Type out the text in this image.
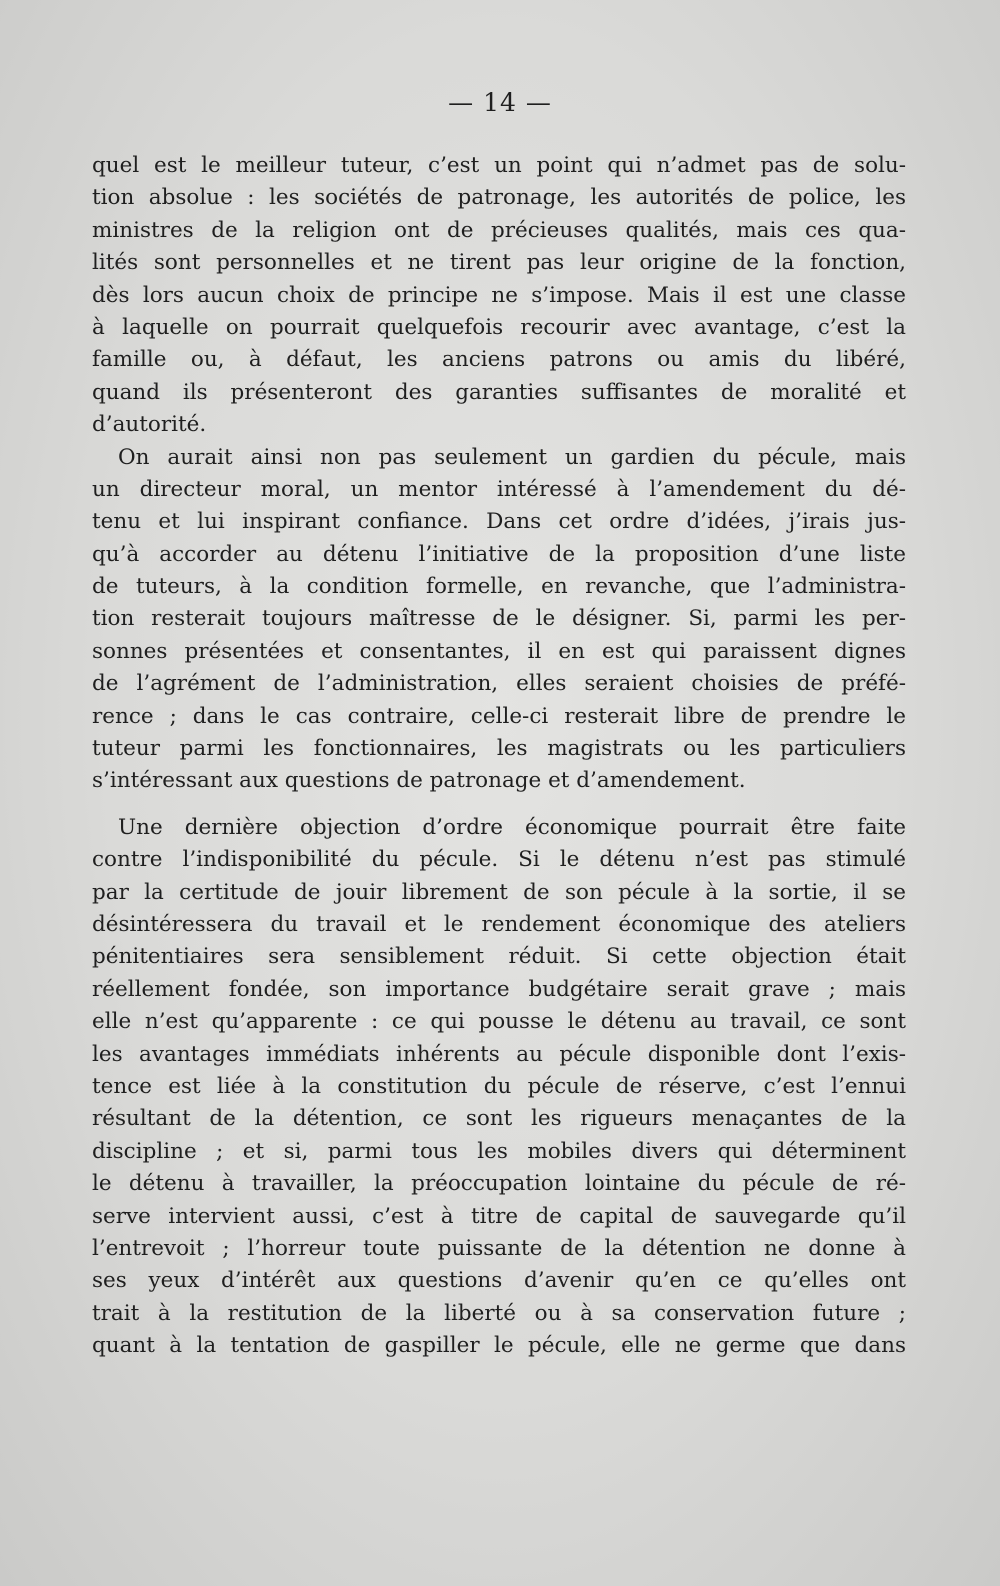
— 14 —
quel est le meilleur tuteur, c’est un point qui n’admet pas de solu-
tion absolue : les sociétés de patronage, les autorités de police, les
ministres de la religion ont de précieuses qualités, mais ces qua-
lités sont personnelles et ne tirent pas leur origine de la fonction,
dès lors aucun choix de principe ne s’impose. Mais il est une classe
à laquelle on pourrait quelquefois recourir avec avantage, c’est la
famille ou, à défaut, les anciens patrons ou amis du libéré,
quand ils présenteront des garanties suffisantes de moralité et
d’autorité.
On aurait ainsi non pas seulement un gardien du pécule, mais
un directeur moral, un mentor intéressé à l’amendement du dé-
tenu et lui inspirant confiance. Dans cet ordre d’idées, j’irais jus-
qu’à accorder au détenu l’initiative de la proposition d’une liste
de tuteurs, à la condition formelle, en revanche, que l’administra-
tion resterait toujours maîtresse de le désigner. Si, parmi les per-
sonnes présentées et consentantes, il en est qui paraissent dignes
de l’agrément de l’administration, elles seraient choisies de préfé-
rence ; dans le cas contraire, celle-ci resterait libre de prendre le
tuteur parmi les fonctionnaires, les magistrats ou les particuliers
s’intéressant aux questions de patronage et d’amendement.
Une dernière objection d’ordre économique pourrait être faite
contre l’indisponibilité du pécule. Si le détenu n’est pas stimulé
par la certitude de jouir librement de son pécule à la sortie, il se
désintéressera du travail et le rendement économique des ateliers
pénitentiaires sera sensiblement réduit. Si cette objection était
réellement fondée, son importance budgétaire serait grave ; mais
elle n’est qu’apparente : ce qui pousse le détenu au travail, ce sont
les avantages immédiats inhérents au pécule disponible dont l’exis-
tence est liée à la constitution du pécule de réserve, c’est l’ennui
résultant de la détention, ce sont les rigueurs menaçantes de la
discipline ; et si, parmi tous les mobiles divers qui déterminent
le détenu à travailler, la préoccupation lointaine du pécule de ré-
serve intervient aussi, c’est à titre de capital de sauvegarde qu’il
l’entrevoit ; l’horreur toute puissante de la détention ne donne à
ses yeux d’intérêt aux questions d’avenir qu’en ce qu’elles ont
trait à la restitution de la liberté ou à sa conservation future ;
quant à la tentation de gaspiller le pécule, elle ne germe que dans
